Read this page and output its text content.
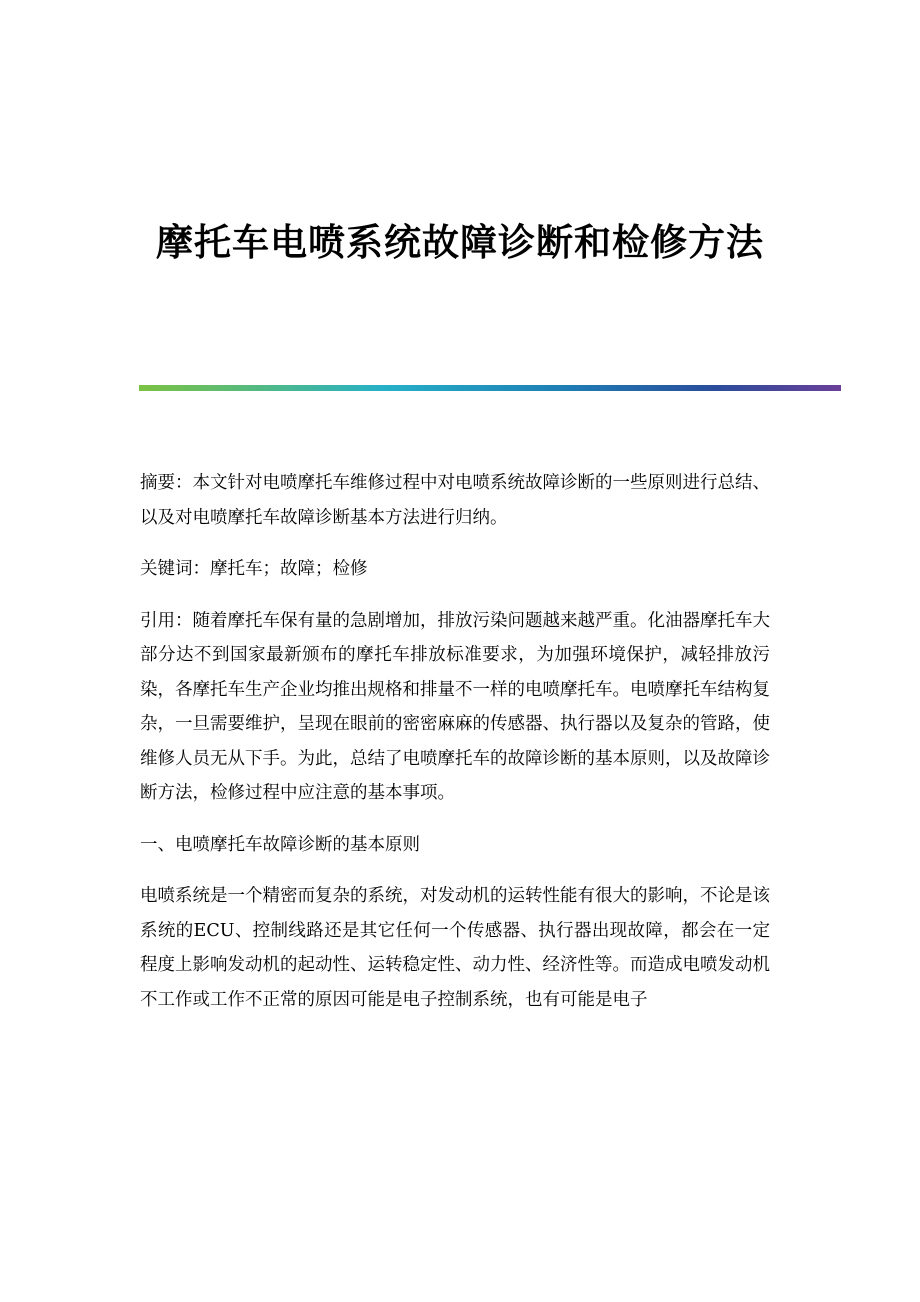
摩托车电喷系统故障诊断和检修方法

摘要：本文针对电喷摩托车维修过程中对电喷系统故障诊断的一些原则进行总结、以及对电喷摩托车故障诊断基本方法进行归纳。

关键词：摩托车；故障；检修

引用：随着摩托车保有量的急剧增加，排放污染问题越来越严重。化油器摩托车大部分达不到国家最新颁布的摩托车排放标准要求，为加强环境保护，减轻排放污染，各摩托车生产企业均推出规格和排量不一样的电喷摩托车。电喷摩托车结构复杂，一旦需要维护，呈现在眼前的密密麻麻的传感器、执行器以及复杂的管路，使维修人员无从下手。为此，总结了电喷摩托车的故障诊断的基本原则，以及故障诊断方法，检修过程中应注意的基本事项。

一、电喷摩托车故障诊断的基本原则

电喷系统是一个精密而复杂的系统，对发动机的运转性能有很大的影响，不论是该系统的ECU、控制线路还是其它任何一个传感器、执行器出现故障，都会在一定程度上影响发动机的起动性、运转稳定性、动力性、经济性等。而造成电喷发动机不工作或工作不正常的原因可能是电子控制系统，也有可能是电子
